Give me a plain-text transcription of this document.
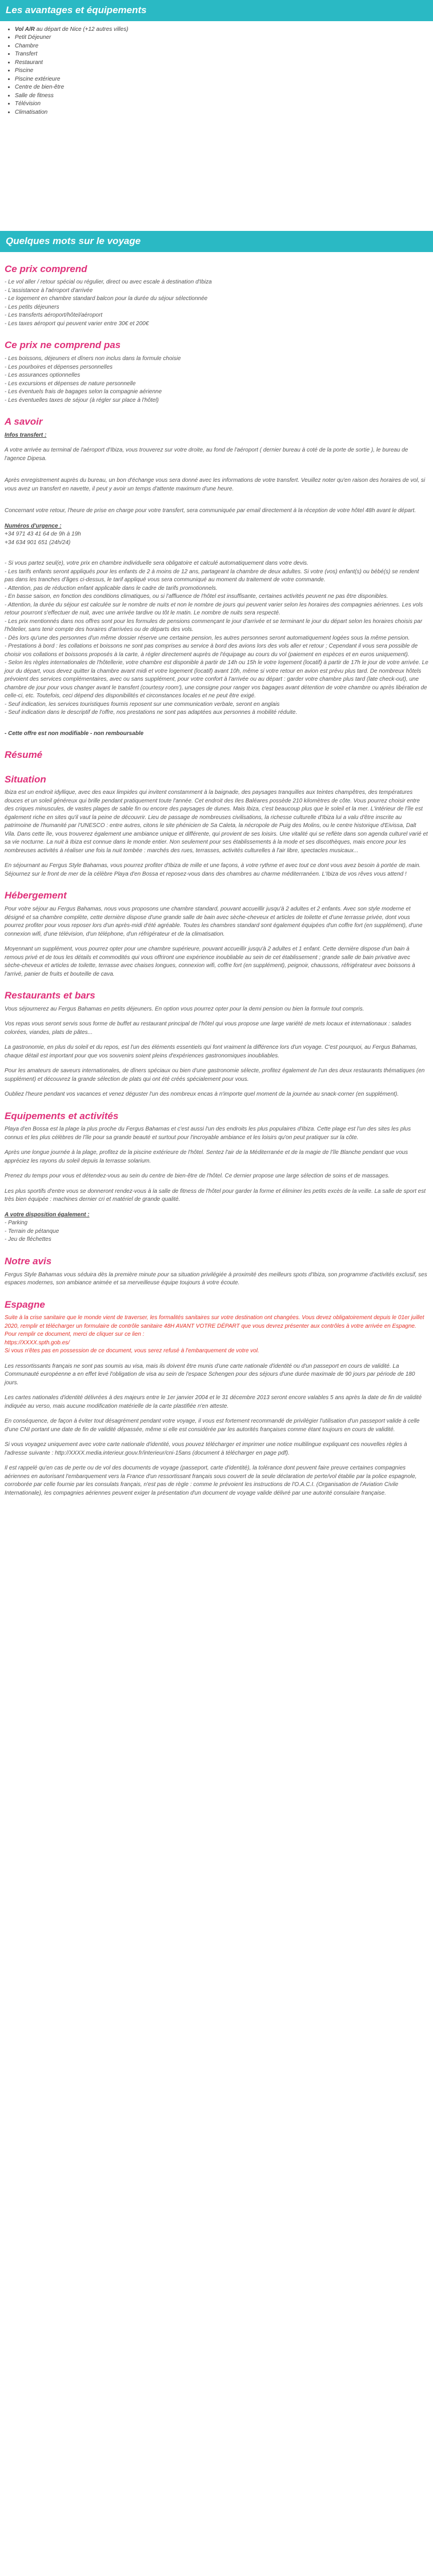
Les avantages et équipements
• Vol A/R au départ de Nice (+12 autres villes)
• Petit Déjeuner
• Chambre
• Transfert
• Restaurant
• Piscine
• Piscine extérieure
• Centre de bien-être
• Salle de fitness
• Télévision
• Climatisation
Quelques mots sur le voyage
Ce prix comprend
- Le vol aller / retour spécial ou régulier, direct ou avec escale à destination d'Ibiza
- L'assistance à l'aéroport d'arrivée
- Le logement en chambre standard balcon pour la durée du séjour sélectionnée
- Les petits déjeuners
- Les transferts aéroport/hôtel/aéroport
- Les taxes aéroport qui peuvent varier entre 30€ et 200€
Ce prix ne comprend pas
- Les boissons, déjeuners et dîners non inclus dans la formule choisie
- Les pourboires et dépenses personnelles
- Les assurances optionnelles
- Les excursions et dépenses de nature personnelle
- Les éventuels frais de bagages selon la compagnie aérienne
- Les éventuelles taxes de séjour (à régler sur place à l'hôtel)
A savoir

Infos transfert :

A votre arrivée au terminal de l'aéroport d'Ibiza, vous trouverez sur votre droite, au fond de l'aéroport ( dernier bureau à coté de la porte de sortie ), le bureau de l'agence Dipesa.

Après enregistrement auprès du bureau, un bon d'échange vous sera donné avec les informations de votre transfert. Veuillez noter qu'en raison des horaires de vol, si vous avez un transfert en navette, il peut y avoir un temps d'attente maximum d'une heure.

Concernant votre retour, l'heure de prise en charge pour votre transfert, sera communiquée par email directement à la réception de votre hôtel 48h avant le départ.

Numéros d'urgence :

+34 971 43 41 64 de 9h à 19h
+34 634 901 651 (24h/24)

- Si vous partez seul(e), votre prix en chambre individuelle sera obligatoire et calculé automatiquement dans votre devis.

- Les tarifs enfants seront appliqués pour les enfants de 2 à moins de 12 ans, partageant la chambre de deux adultes. Si votre (vos) enfant(s) ou bébé(s) se rendent pas dans les tranches d'âges ci-dessus, le tarif appliqué vous sera communiqué au moment du traitement de votre commande.

- Attention, pas de réduction enfant applicable dans le cadre de tarifs promotionnels.

- En basse saison, en fonction des conditions climatiques, ou si l'affluence de l'hôtel est insuffisante, certaines activités peuvent ne pas être disponibles.

- Attention, la durée du séjour est calculée sur le nombre de nuits et non le nombre de jours qui peuvent varier selon les horaires des compagnies aériennes. Les vols retour pourront s'effectuer de nuit, avec une arrivée tardive ou tôt le matin. Le nombre de nuits sera respecté.

- Les prix mentionnés dans nos offres sont pour les formules de pensions commençant le jour d'arrivée et se terminant le jour du départ selon les horaires choisis par l'hôtelier, sans tenir compte des horaires d'arrivées ou de départs des vols.

- Dès lors qu'une des personnes d'un même dossier réserve une certaine pension, les autres personnes seront automatiquement logées sous la même pension.

- Prestations à bord : les collations et boissons ne sont pas comprises au service à bord des avions lors des vols aller et retour ; Cependant il vous sera possible de choisir vos collations et boissons proposés à la carte, à régler directement auprès de l'équipage au cours du vol (paiement en espèces et en euros uniquement).

- Selon les règles internationales de l'hôtellerie, votre chambre est disponible à partir de 14h ou 15h le votre logement (locatif) à partir de 17h le jour de votre arrivée. Le jour du départ, vous devez quitter la chambre avant midi et votre logement (locatif) avant 10h, même si votre retour en avion est prévu plus tard. De nombreux hôtels prévoient des services complémentaires, avec ou sans supplément, pour votre confort à l'arrivée ou au départ : garder votre chambre plus tard (late check-out), une chambre de jour pour vous changer avant le transfert (courtesy room'), une consigne pour ranger vos bagages avant détention de votre chambre ou après libération de celle-ci, etc. Toutefois, ceci dépend des disponibilités et circonstances locales et ne peut être exigé.

- Seuf indication, les services touristiques fournis reposent sur une communication verbale, seront en anglais

- Seuf indication dans le descriptif de l'offre, nos prestations ne sont pas adaptées aux personnes à mobilité réduite.

- Cette offre est non modifiable - non remboursable

Résumé
Situation

Ibiza est un endroit idyllique, avec des eaux limpides qui invitent constamment à la baignade, des paysages tranquilles aux teintes champêtres, des températures douces et un soleil généreux qui brille pendant pratiquement toute l'année. Cet endroit des Iles Baléares possède 210 kilomètres de côte. Vous pourrez choisir entre des criques minuscules, de vastes plages de sable fin ou encore des paysages de dunes. Mais Ibiza, c'est beaucoup plus que le soleil et la mer. L'intérieur de l'île est également riche en sites qu'il vaut la peine de découvrir. Lieu de passage de nombreuses civilisations, la richesse culturelle d'Ibiza lui a valu d'être inscrite au patrimoine de l'humanité par l'UNESCO : entre autres, citons le site phénicien de Sa Caleta, la nécropole de Puig des Molins, ou le centre historique d'Eivissa, Dalt Vila. Dans cette île, vous trouverez également une ambiance unique et différente, qui provient de ses loisirs. Une vitalité qui se reflète dans son agenda culturel varié et sa vie nocturne. La nuit à Ibiza est connue dans le monde entier. Non seulement pour ses établissements à la mode et ses discothèques, mais encore pour les nombreuses activités à réaliser une fois la nuit tombée : marchés des rues, terrasses, activités culturelles à l'air libre, spectacles musicaux...

En séjournant au Fergus Style Bahamas, vous pourrez profiter d'Ibiza de mille et une façons, à votre rythme et avec tout ce dont vous avez besoin à portée de main. Séjournez sur le front de mer de la célèbre Playa d'en Bossa et reposez-vous dans des chambres au charme méditerranéen. L'Ibiza de vos rêves vous attend !

Hébergement

Pour votre séjour au Fergus Bahamas, nous vous proposons une chambre standard, pouvant accueillir jusqu'à 2 adultes et 2 enfants. Avec son style moderne et désigné et sa chambre complète, cette dernière dispose d'une grande salle de bain avec sèche-cheveux et articles de toilette et d'une terrasse privée, dont vous pourrez profiter pour vous reposer lors d'un après-midi d'été agréable. Toutes les chambres standard sont également équipées d'un coffre fort (en supplément), d'une connexion wifi, d'une télévision, d'un téléphone, d'un réfrigérateur et de la climatisation.

Moyennant un supplément, vous pourrez opter pour une chambre supérieure, pouvant accueillir jusqu'à 2 adultes et 1 enfant. Cette dernière dispose d'un bain à remous privé et de tous les détails et commodités qui vous offriront une expérience inoubliable au sein de cet établissement ; grande salle de bain privative avec sèche-cheveux et articles de toilette, terrasse avec chaises longues, connexion wifi, coffre fort (en supplément), peignoir, chaussons, réfrigérateur avec boissons à l'arrivé, panier de fruits et bouteille de cava.

Restaurants et bars

Vous séjournerez au Fergus Bahamas en petits déjeuners. En option vous pourrez opter pour la demi pension ou bien la formule tout compris.

Vos repas vous seront servis sous forme de buffet au restaurant principal de l'hôtel qui vous propose une large variété de mets locaux et internationaux : salades colorées, viandes, plats de pâtes...

La gastronomie, en plus du soleil et du repos, est l'un des éléments essentiels qui font vraiment la différence lors d'un voyage. C'est pourquoi, au Fergus Bahamas, chaque détail est important pour que vos souvenirs soient pleins d'expériences gastronomiques inoubliables.

Pour les amateurs de saveurs internationales, de dîners spéciaux ou bien d'une gastronomie sélecte, profitez également de l'un des deux restaurants thématiques (en supplément) et découvrez la grande sélection de plats qui ont été créés spécialement pour vous.

Oubliez l'heure pendant vos vacances et venez déguster l'un des nombreux encas à n'importe quel moment de la journée au snack-corner (en supplément).

Equipements et activités

Playa d'en Bossa est la plage la plus proche du Fergus Bahamas et c'est aussi l'un des endroits les plus populaires d'Ibiza. Cette plage est l'un des sites les plus connus et les plus célèbres de l'île pour sa grande beauté et surtout pour l'incroyable ambiance et les loisirs qu'on peut pratiquer sur la côte.

Après une longue journée à la plage, profitez de la piscine extérieure de l'hôtel. Sentez l'air de la Méditerranée et de la magie de l'île Blanche pendant que vous appréciez les rayons du soleil depuis la terrasse solarium.

Prenez du temps pour vous et détendez-vous au sein du centre de bien-être de l'hôtel. Ce dernier propose une large sélection de soins et de massages.

Les plus sportifs d'entre vous se donneront rendez-vous à la salle de fitness de l'hôtel pour garder la forme et éliminer les petits excès de la veille. La salle de sport est très bien équipée : machines dernier cri et matériel de grande qualité.

A votre disposition également :

- Parking
- Terrain de pétanque
- Jeu de fléchettes
Notre avis

Fergus Style Bahamas vous séduira dès la première minute pour sa situation privilégiée à proximité des meilleurs spots d'Ibiza, son programme d'activités exclusif, ses espaces modernes, son ambiance animée et sa merveilleuse équipe toujours à votre écoute.

Espagne

Suite à la crise sanitaire que le monde vient de traverser, les formalités sanitaires sur votre destination ont changées. Vous devez obligatoirement depuis le 01er juillet 2020, remplir et télécharger un formulaire de contrôle sanitaire 48H AVANT VOTRE DÉPART que vous devrez présenter aux contrôles à votre arrivée en Espagne.

Pour remplir ce document, merci de cliquer sur ce lien :
https://XXXX.spth.gob.es/

Si vous n'êtes pas en possession de ce document, vous serez refusé à l'embarquement de votre vol.

Les ressortissants français ne sont pas soumis au visa, mais ils doivent être munis d'une carte nationale d'identité ou d'un passeport en cours de validité. La Communauté européenne a en effet levé l'obligation de visa au sein de l'espace Schengen pour des séjours d'une durée maximale de 90 jours par période de 180 jours.

Les cartes nationales d'identité délivrées à des majeurs entre le 1er janvier 2004 et le 31 décembre 2013 seront encore valables 5 ans après la date de fin de validité indiquée au verso, mais aucune modification matérielle de la carte plastifiée n'en atteste.

En conséquence, de façon à éviter tout désagrément pendant votre voyage, il vous est fortement recommandé de privilégier l'utilisation d'un passeport valide à celle d'une CNI portant une date de fin de validité dépassée, même si elle est considérée par les autorités françaises comme étant toujours en cours de validité.

Si vous voyagez uniquement avec votre carte nationale d'identité, vous pouvez télécharger et imprimer une notice multilingue expliquant ces nouvelles règles à l'adresse suivante : http://XXXX.media.interieur.gouv.fr/interieur/cni-15ans (document à télécharger en page pdf).

Il est rappelé qu'en cas de perte ou de vol des documents de voyage (passeport, carte d'identité), la tolérance dont peuvent faire preuve certaines compagnies aériennes en autorisant l'embarquement vers la France d'un ressortissant français sous couvert de la seule déclaration de perte/vol établie par la police espagnole, corroborée par celle fournie par les consulats français, n'est pas de règle : comme le prévoient les instructions de l'O.A.C.I. (Organisation de l'Aviation Civile Internationale), les compagnies aériennes peuvent exiger la présentation d'un document de voyage valide délivré par une autorité consulaire française.
